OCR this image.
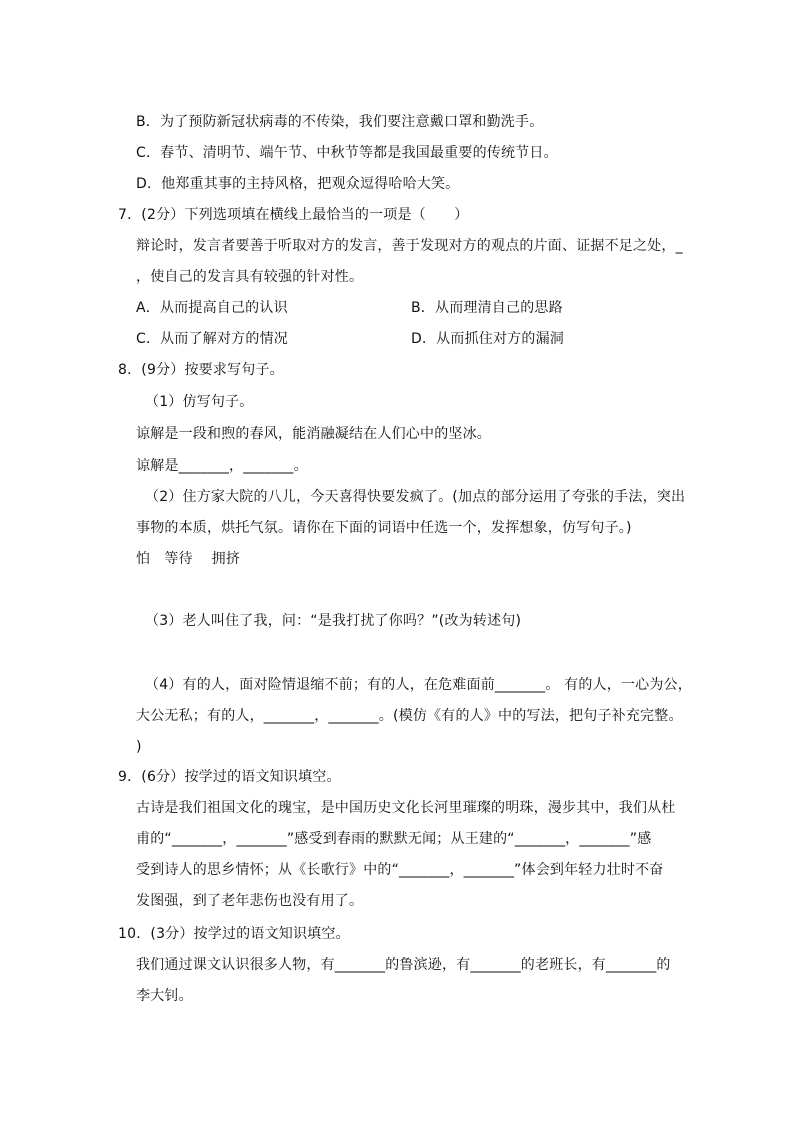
B．为了预防新冠状病毒的不传染，我们要注意戴口罩和勤洗手。
C．春节、清明节、端午节、中秋节等都是我国最重要的传统节日。
D．他郑重其事的主持风格，把观众逗得哈哈大笑。
7．(2分）下列选项填在横线上最恰当的一项是（　　）
辩论时，发言者要善于听取对方的发言，善于发现对方的观点的片面、证据不足之处，_
，使自己的发言具有较强的针对性。
A．从而提高自己的认识	B．从而理清自己的思路
C．从而了解对方的情况	D．从而抓住对方的漏洞
8．(9分）按要求写句子。
（1）仿写句子。
谅解是一段和煦的春风，能消融凝结在人们心中的坚冰。
谅解是_______，_______。
（2）住方家大院的八儿，今天喜得快要发疯了。(加点的部分运用了夸张的手法，突出
事物的本质，烘托气氛。请你在下面的词语中任选一个，发挥想象，仿写句子。)
怕　等待　 拥挤
（3）老人叫住了我，问：“是我打扰了你吗？”(改为转述句)
（4）有的人，面对险情退缩不前；有的人，在危难面前_______。 有的人，一心为公，
大公无私；有的人，_______，_______。(模仿《有的人》中的写法，把句子补充完整。
)
9．(6分）按学过的语文知识填空。
古诗是我们祖国文化的瑰宝，是中国历史文化长河里璀璨的明珠，漫步其中，我们从杜
甫的“_______，_______”感受到春雨的默默无闻；从王建的“_______，_______”感
受到诗人的思乡情怀；从《长歌行》中的“_______，_______”体会到年轻力壮时不奋
发图强，到了老年悲伤也没有用了。
10．(3分）按学过的语文知识填空。
我们通过课文认识很多人物，有_______的鲁滨逊，有_______的老班长，有_______的
李大钊。
